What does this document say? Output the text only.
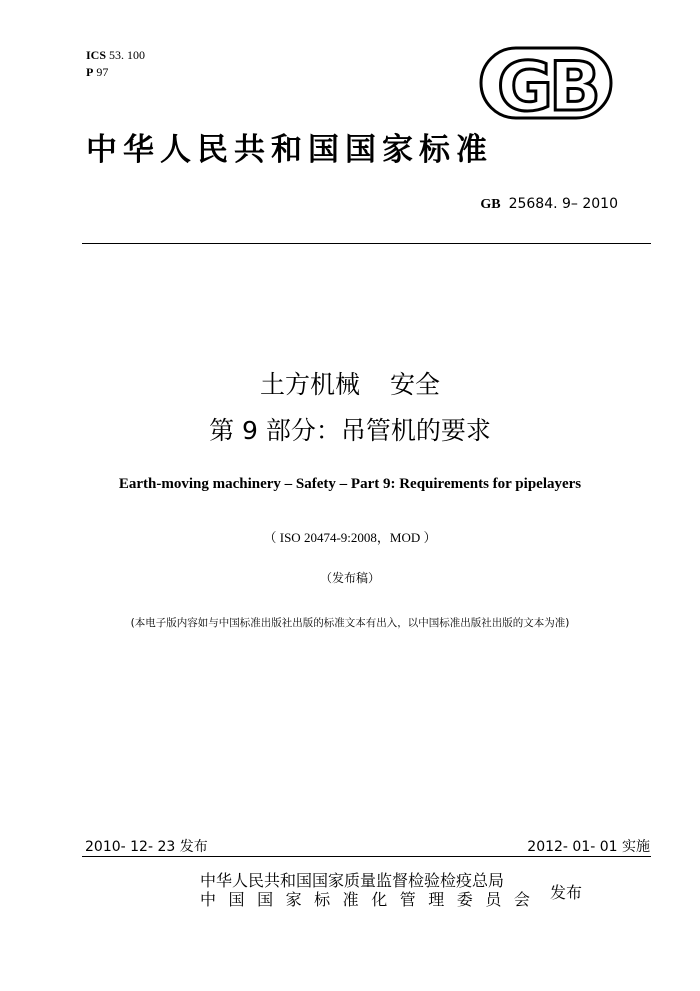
ICS 53. 100
P 97	GB
中华人民共和国国家标准
GB 25684. 9– 2010
土方机械 安全
第 9 部分：吊管机的要求
Earth-moving machinery – Safety – Part 9: Requirements for pipelayers
（ ISO 20474-9:2008，MOD ）
（发布稿）
(本电子版内容如与中国标准出版社出版的标准文本有出入，以中国标准出版社出版的文本为准)
2010- 12- 23 发布	2012- 01- 01 实施
中华人民共和国国家质量监督检验检疫总局
中 国 国 家 标 准 化 管 理 委 员 会 发布
